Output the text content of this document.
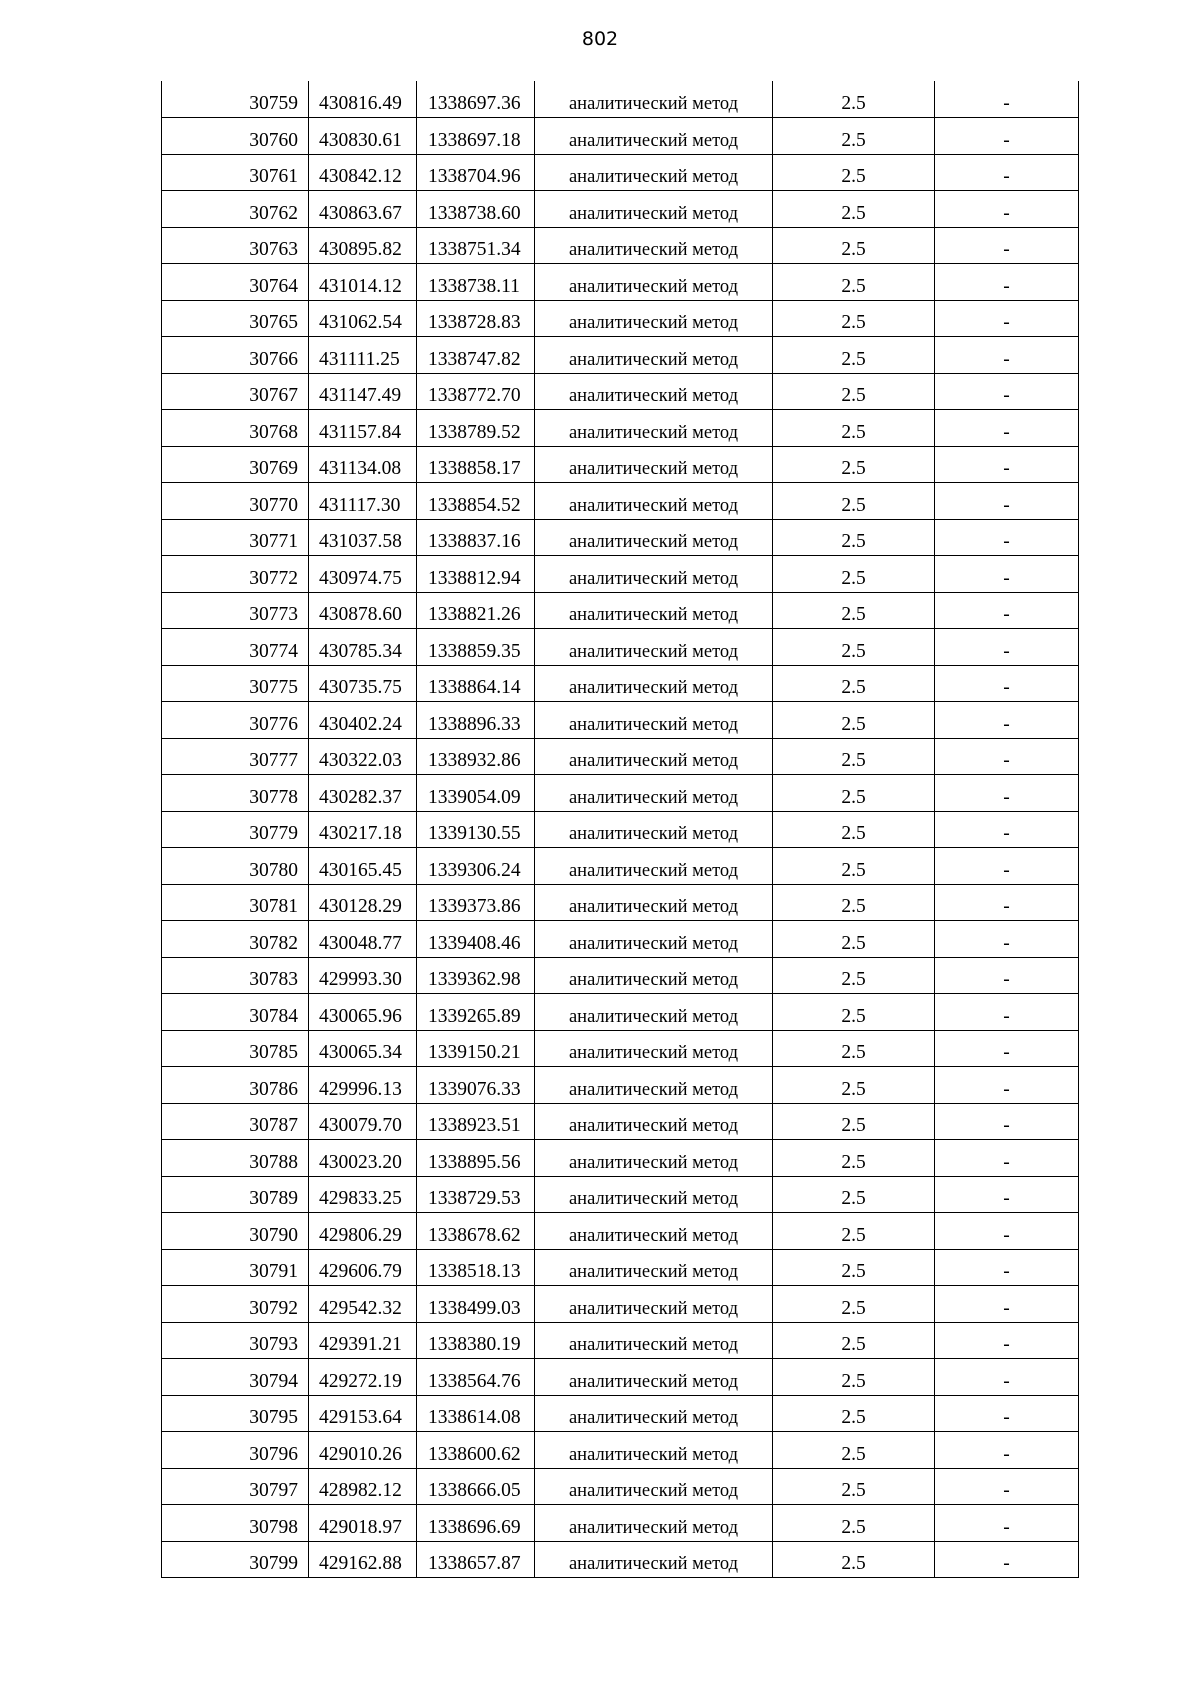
802
30759	430816.49	1338697.36	аналитический метод	2.5	-
30760	430830.61	1338697.18	аналитический метод	2.5	-
30761	430842.12	1338704.96	аналитический метод	2.5	-
30762	430863.67	1338738.60	аналитический метод	2.5	-
30763	430895.82	1338751.34	аналитический метод	2.5	-
30764	431014.12	1338738.11	аналитический метод	2.5	-
30765	431062.54	1338728.83	аналитический метод	2.5	-
30766	431111.25	1338747.82	аналитический метод	2.5	-
30767	431147.49	1338772.70	аналитический метод	2.5	-
30768	431157.84	1338789.52	аналитический метод	2.5	-
30769	431134.08	1338858.17	аналитический метод	2.5	-
30770	431117.30	1338854.52	аналитический метод	2.5	-
30771	431037.58	1338837.16	аналитический метод	2.5	-
30772	430974.75	1338812.94	аналитический метод	2.5	-
30773	430878.60	1338821.26	аналитический метод	2.5	-
30774	430785.34	1338859.35	аналитический метод	2.5	-
30775	430735.75	1338864.14	аналитический метод	2.5	-
30776	430402.24	1338896.33	аналитический метод	2.5	-
30777	430322.03	1338932.86	аналитический метод	2.5	-
30778	430282.37	1339054.09	аналитический метод	2.5	-
30779	430217.18	1339130.55	аналитический метод	2.5	-
30780	430165.45	1339306.24	аналитический метод	2.5	-
30781	430128.29	1339373.86	аналитический метод	2.5	-
30782	430048.77	1339408.46	аналитический метод	2.5	-
30783	429993.30	1339362.98	аналитический метод	2.5	-
30784	430065.96	1339265.89	аналитический метод	2.5	-
30785	430065.34	1339150.21	аналитический метод	2.5	-
30786	429996.13	1339076.33	аналитический метод	2.5	-
30787	430079.70	1338923.51	аналитический метод	2.5	-
30788	430023.20	1338895.56	аналитический метод	2.5	-
30789	429833.25	1338729.53	аналитический метод	2.5	-
30790	429806.29	1338678.62	аналитический метод	2.5	-
30791	429606.79	1338518.13	аналитический метод	2.5	-
30792	429542.32	1338499.03	аналитический метод	2.5	-
30793	429391.21	1338380.19	аналитический метод	2.5	-
30794	429272.19	1338564.76	аналитический метод	2.5	-
30795	429153.64	1338614.08	аналитический метод	2.5	-
30796	429010.26	1338600.62	аналитический метод	2.5	-
30797	428982.12	1338666.05	аналитический метод	2.5	-
30798	429018.97	1338696.69	аналитический метод	2.5	-
30799	429162.88	1338657.87	аналитический метод	2.5	-
